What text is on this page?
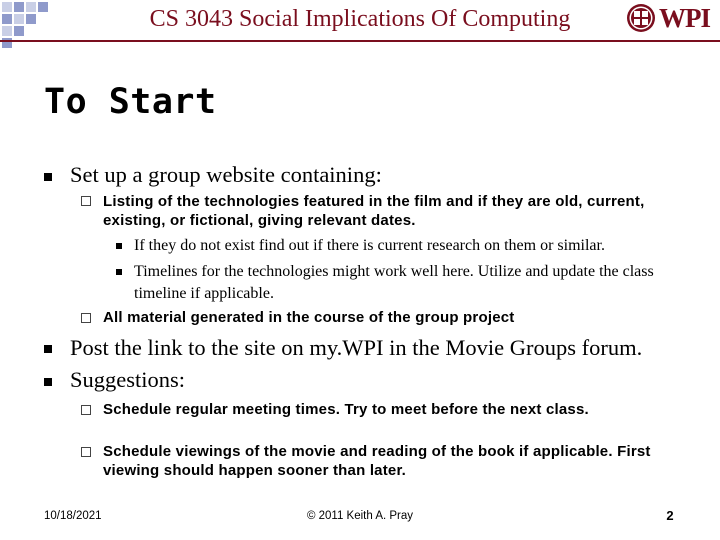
CS 3043 Social Implications Of Computing	WPI
To Start
Set up a group website containing:
Listing of the technologies featured in the film and if they are old, current, existing, or fictional, giving relevant dates.
If they do not exist find out if there is current research on them or similar.
Timelines for the technologies might work well here. Utilize and update the class timeline if applicable.
All material generated in the course of the group project
Post the link to the site on my.WPI in the Movie Groups forum.
Suggestions:
Schedule regular meeting times. Try to meet before the next class.
Schedule viewings of the movie and reading of the book if applicable. First viewing should happen sooner than later.
10/18/2021	© 2011 Keith A. Pray	2
